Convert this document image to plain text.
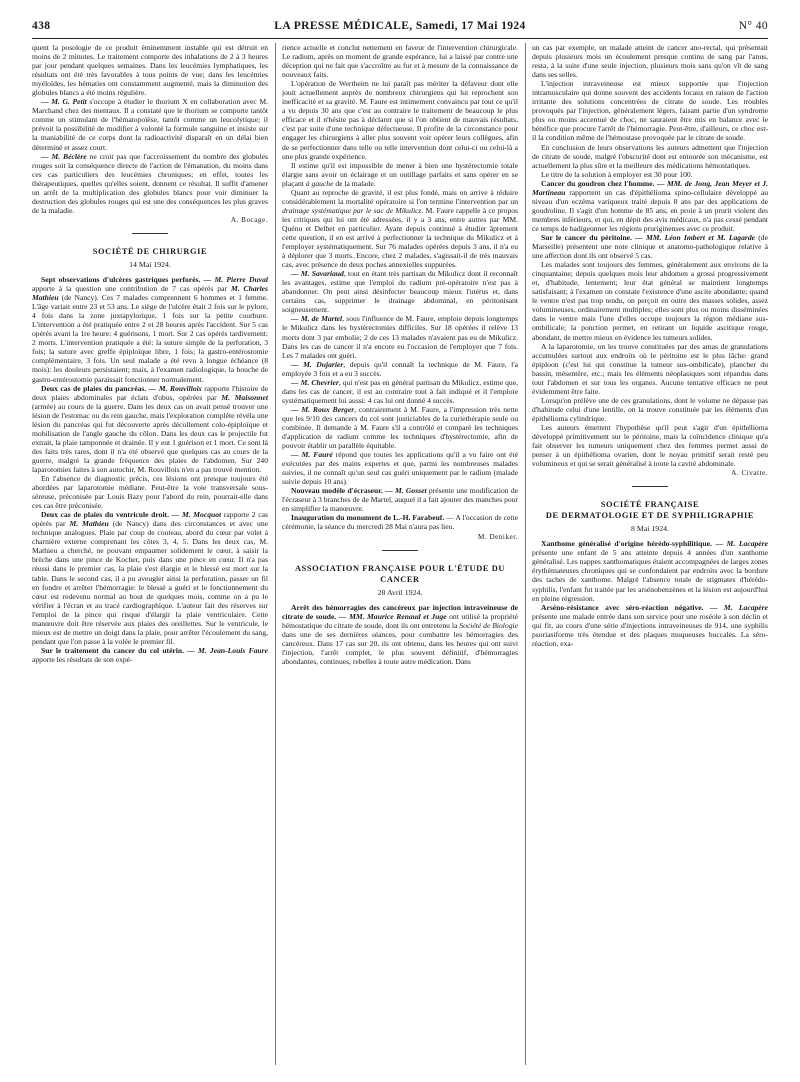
438	LA PRESSE MÉDICALE, Samedi, 17 Mai 1924	N° 40

quent la posologie de ce produit éminemment instable qui est détruit en moins de 2 minutes. Le traitement comporte des inhalations de 2 à 3 heures par jour pendant quelques semaines. Dans les leucémies lymphatiques, les résultats ont été très favorables à tous points de vue; dans les leucémies myéloïdes, les hématies ont constamment augmenté, mais la diminution des globules blancs a été moins régulière.

— M. G. Petit s'occupe à étudier le thorium X en collaboration avec M. Marchand chez des mentaux. Il a constaté que le thorium se comporte tantôt comme un stimulant de l'hématopoïèse, tantôt comme un leucolytique; il prévoit la possibilité de modifier à volonté la formule sanguine et insiste sur la maniabilité de ce corps dont la radioactivité disparaît en un délai bien déterminé et assez court.

— M. Béclère ne croit pas que l'accroissement du nombre des globules rouges soit la conséquence directe de l'action de l'émanation, du moins dans ces cas particuliers des leucémies chroniques; en effet, toutes les thérapeutiques, quelles qu'elles soient, donnent ce résultat. Il suffit d'amener un arrêt de la multiplication des globules blancs pour voir diminuer la destruction des globules rouges qui est une des conséquences les plus graves de la maladie.

A. Bocage.
SOCIÉTÉ DE CHIRURGIE
14 Mai 1924.

Sept observations d'ulcères gastriques perforés. — M. Pierre Duval apporte à la question une contribution de 7 cas opérés par M. Charles Mathieu (de Nancy). Ces 7 malades comprennent 6 hommes et 1 femme. L'âge variait entre 23 et 53 ans. Le siège de l'ulcère était 2 fois sur le pylore, 4 fois dans la zone juxtapylorique, 1 fois sur la petite courbure. L'intervention a été pratiquée entre 2 et 28 heures après l'accident. Sur 5 cas opérés avant la 1re heure: 4 guérisons, 1 mort. Sur 2 cas opérés tardivement: 2 morts. L'intervention pratiquée a été: la suture simple de la perforation, 3 fois; la suture avec greffe épiploïque libre, 1 fois; la gastro-entérostomie complémentaire, 3 fois. Un seul malade a été revu à longue échéance (8 mois): les douleurs persistaient; mais, à l'examen radiologique, la bouche de gastro-entérostomie paraissait fonctionner normalement.

Deux cas de plaies du pancréas. — M. Rouvillois rapporte l'histoire de deux plaies abdominales par éclats d'obus, opérées par M. Maisonnet (armée) au cours de la guerre. Dans les deux cas on avait pensé trouver une lésion de l'estomac ou du rein gauche, mais l'exploration complète révéla une lésion du pancréas qui fut découverte après décollement colo-épiploïque et mobilisation de l'angle gauche du côlon. Dans les deux cas le projectile fut extrait, la plaie tamponnée et drainée. Il y eut 1 guérison et 1 mort. Ce sont là des faits très rares, dont il n'a été observé que quelques cas au cours de la guerre, malgré la grande fréquence des plaies de l'abdomen. Sur 240 laparotomies faites à son autochir, M. Rouvillois n'en a pas trouvé mention.

En l'absence de diagnostic précis, ces lésions ont presque toujours été abordées par laparotomie médiane. Peut-être la voie transversale sous-séreuse, préconisée par Louis Bazy pour l'abord du rein, pourrait-elle dans ces cas être préconisée.

Deux cas de plaies du ventricule droit. — M. Mocquot rapporte 2 cas opérés par M. Mathieu (de Nancy) dans des circonstances et avec une technique analogues. Plaie par coup de couteau, abord du cœur par volet à charnière externe comprenant les côtes 3, 4, 5. Dans les deux cas, M. Mathieu a cherché, ne pouvant empaumer solidement le cœur, à saisir la brèche dans une pince de Kocher, puis dans une pince en cœur. Il n'a pas réussi dans le premier cas, la plaie s'est élargie et le blessé est mort sur la table. Dans le second cas, il a pu aveugler ainsi la perforation, passer un fil en fondre et arrêter l'hémorragie: le blessé a guéri et le fonctionnement du cœur est redevenu normal au bout de quelques mois, comme on a pu le vérifier à l'écran et au tracé cardiographique. L'auteur fait des réserves sur l'emploi de la pince qui risque d'élargir la plaie ventriculaire. Cette manœuvre doit être réservée aux plaies des oreillettes. Sur le ventricule, le mieux est de mettre un doigt dans la plaie, pour arrêter l'écoulement du sang, pendant que l'on passe à la volée le premier fil.

Sur le traitement du cancer du col utérin. — M. Jean-Louis Faure apporte les résultats de son expé-

rience actuelle et conclut nettement en faveur de l'intervention chirurgicale. Le radium, après un moment de grande espérance, lui a laissé par contre une déception qui ne fait que s'accroître au fur et à mesure de la connaissance de nouveaux faits.

L'opération de Wertheim ne lui paraît pas mériter la défaveur dont elle jouit actuellement auprès de nombreux chirurgiens qui lui reprochent son inefficacité et sa gravité. M. Faure est intimement convaincu par tout ce qu'il a vu depuis 30 ans que c'est au contraire le traitement de beaucoup le plus efficace et il n'hésite pas à déclarer que si l'on obtient de mauvais résultats, c'est par suite d'une technique défectueuse. Il profite de la circonstance pour engager les chirurgiens à aller plus souvent voir opérer leurs collègues, afin de se perfectionner dans telle ou telle intervention dont celui-ci ou celui-là a une plus grande expérience.

Il estime qu'il est impossible de mener à bien une hystérectomie totale élargie sans avoir un éclairage et un outillage parfaits et sans opérer en se plaçant à gauche de la malade.

Quant au reproche de gravité, il est plus fondé, mais on arrive à réduire considérablement la mortalité opératoire si l'on termine l'intervention par un drainage systématique par le sac de Mikulicz. M. Faure rappelle à ce propos les critiques qui lui ont été adressées, il y a 3 ans, entre autres par MM. Quénu et Delbet en particulier. Ayant depuis continué à étudier âprement cette question, il en est arrivé à perfectionner la technique du Mikulicz et à l'employer systématiquement. Sur 76 malades opérées depuis 3 ans, il n'a eu à déplorer que 3 morts. Encore, chez 2 malades, s'agissait-il de très mauvais cas, avec présence de deux poches annexielles suppurées.

— M. Savariaud, tout en étant très partisan du Mikulicz dont il reconnaît les avantages, estime que l'emploi du radium pré-opératoire n'est pas à abandonner. On peut ainsi désinfecter beaucoup mieux l'utérus et, dans certains cas, supprimer le drainage abdominal, en péritonisant soigneusement.

— M. de Martel, sous l'influence de M. Faure, emploie depuis longtemps le Mikulicz dans les hystérectomies difficiles. Sur 18 opérées il relève 13 morts dont 3 par embolie; 2 de ces 13 malades n'avaient pas eu de Mikulicz. Dans les cas de cancer il n'a encore eu l'occasion de l'employer que 7 fois. Les 7 malades ont guéri.

— M. Dujarier, depuis qu'il connaît la technique de M. Faure, l'a employée 3 fois et a eu 3 succès.

— M. Chevrier, qui n'est pas en général partisan du Mikulicz, estime que, dans les cas de cancer, il est au contraire tout à fait indiqué et il l'emploie systématiquement lui aussi: 4 cas lui ont donné 4 succès.

— M. Roux Berger, contrairement à M. Faure, a l'impression très nette que les 9/10 des cancers du col sont justiciables de la curiethérapie seule ou combinée. Il demande à M. Faure s'il a contrôlé et comparé les techniques d'application de radium comme les techniques d'hystérectomie, afin de pouvoir établir un parallèle équitable.

— M. Fauré répond que toutes les applications qu'il a vu faire ont été exécutées par des mains expertes et que, parmi les nombreuses malades suivies, il ne connaît qu'un seul cas guéri uniquement par le radium (malade suivie depuis 10 ans).

Nouveau modèle d'écraseur. — M. Gosset présente une modification de l'écraseur à 3 branches de de Martel, auquel il a fait ajouter des manches pour en simplifier la manœuvre.

Inauguration du monument de L.-H. Farabeuf. — A l'occasion de cette cérémonie, la séance du mercredi 28 Mai n'aura pas lieu.

M. Deniker.
ASSOCIATION FRANÇAISE POUR L'ÉTUDE DU CANCER
28 Avril 1924.

Arrêt des hémorragies des cancéreux par injection intraveineuse de citrate de soude. — MM. Maurice Renaud et Juge ont utilisé la propriété hémostatique du citrate de soude, dont ils ont entretenu la Société de Biologie dans une de ses dernières séances, pour combattre les hémorragies des cancéreux. Dans 17 cas sur 20, ils ont obtenu, dans les heures qui ont suivi l'injection, l'arrêt complet, le plus souvent définitif, d'hémorragies abondantes, continues, rebelles à toute autre médication. Dans

un cas par exemple, un malade atteint de cancer ano-rectal, qui présentait depuis plusieurs mois un écoulement presque continu de sang par l'anus, resta, à la suite d'une seule injection, plusieurs mois sans qu'on vît de sang dans ses selles.

L'injection intraveineuse est mieux supportée que l'injection intramusculaire qui donne souvent des accidents locaux en raison de l'action irritante des solutions concentrées de citrate de soude. Les troubles provoqués par l'injection, généralement légers, faisant partie d'un syndrome plus ou moins accentué de choc, ne sauraient être mis en balance avec le bénéfice que procure l'arrêt de l'hémorragie. Peut-être, d'ailleurs, ce choc est-il la condition même de l'hémostase provoquée par le citrate de soude.

En conclusion de leurs observations les auteurs admettent que l'injection de citrate de soude, malgré l'obscurité dont est entourée son mécanisme, est actuellement la plus sûre et la meilleure des médications hémostatiques.

Le titre de la solution à employer est 30 pour 100.

Cancer du goudron chez l'homme. — MM. de Jong, Jean Meyer et J. Martineau rapportent un cas d'épithélioma spino-cellulaire développé au niveau d'un eczéma variqueux traité depuis 8 ans par des applications de goudroline. Il s'agit d'un homme de 85 ans, en proie à un prurit violent des membres inférieurs, et qui, en dépit des avis médicaux, n'a pas cessé pendant ce temps de badigeonner les régions pruriginenses avec ce produit.

Sur le cancer du péritoine. — MM. Léon Imbert et M. Lagarde (de Marseille) présentent une note clinique et anatomo-pathologique relative à une affection dont ils ont observé 5 cas.

Les malades sont toujours des femmes, généralement aux environs de la cinquantaine; depuis quelques mois leur abdomen a grossi progressivement et, d'habitude, lentement; leur état général se maintient longtemps satisfaisant; à l'examen on constate l'existence d'une ascite abondante; quand le ventre n'est pas trop tendu, on perçoit en outre des masses solides, assez volumineuses, ordinairement multiples; elles sont plus ou moins disséminées dans le ventre mais l'une d'elles occupe toujours la région médiane sus-ombilicale; la ponction permet, en retirant un liquide ascitique rouge, abondant, de mettre mieux en évidence les tumeurs solides.

A la laparotomie, on les trouve constituées par des amas de granulations accumulées surtout aux endroits où le péritoine est le plus lâche: grand épiploon (c'est lui qui constitue la tumeur sus-ombilicale), plancher du bassin, mésentère, etc.; mais les éléments néoplasiques sont répandus dans tout l'abdomen et sur tous les organes. Aucune tentative efficace ne peut évidemment être faite.

Lorsqu'on prélève une de ces granulations, dont le volume ne dépasse pas d'habitude celui d'une lentille, on la trouve constituée par les éléments d'un épithélioma cylindrique.

Les auteurs émettent l'hypothèse qu'il peut s'agir d'un épithélioma développé primitivement sur le péritoine, mais la coïncidence clinique qu'a fait observer les tumeurs uniquement chez des femmes permet aussi de penser à un épithélioma ovarien, dont le noyau primitif serait resté peu volumineux et qui se serait généralisé à toute la cavité abdominale.

A. Civatte.
SOCIÉTÉ FRANÇAISE
DE DERMATOLOGIE ET DE SYPHILIGRAPHIE
8 Mai 1924.

Xanthome généralisé d'origine hérédo-syphilitique. — M. Lacapère présente une enfant de 5 ans atteinte depuis 4 années d'un xanthome généralisé. Les nappes xanthomatiques étaient accompagnées de larges zones érythémateuses chroniques qui se confondaient par endroits avec la bordure des taches de xanthome. Malgré l'absence totale de stigmates d'hérédo-syphilis, l'enfant fut traitée par les arsénobenzènes et la lésion est aujourd'hui en pleine régression.

Arséno-résistance avec séro-réaction négative. — M. Lacapère présente une malade entrée dans son service pour une roséole à son déclin et qui fit, au cours d'une série d'injections intraveineuses de 914, une syphilis psoriasiforme très étendue et des plaques muqueuses buccales. La séro-réaction, exa-
